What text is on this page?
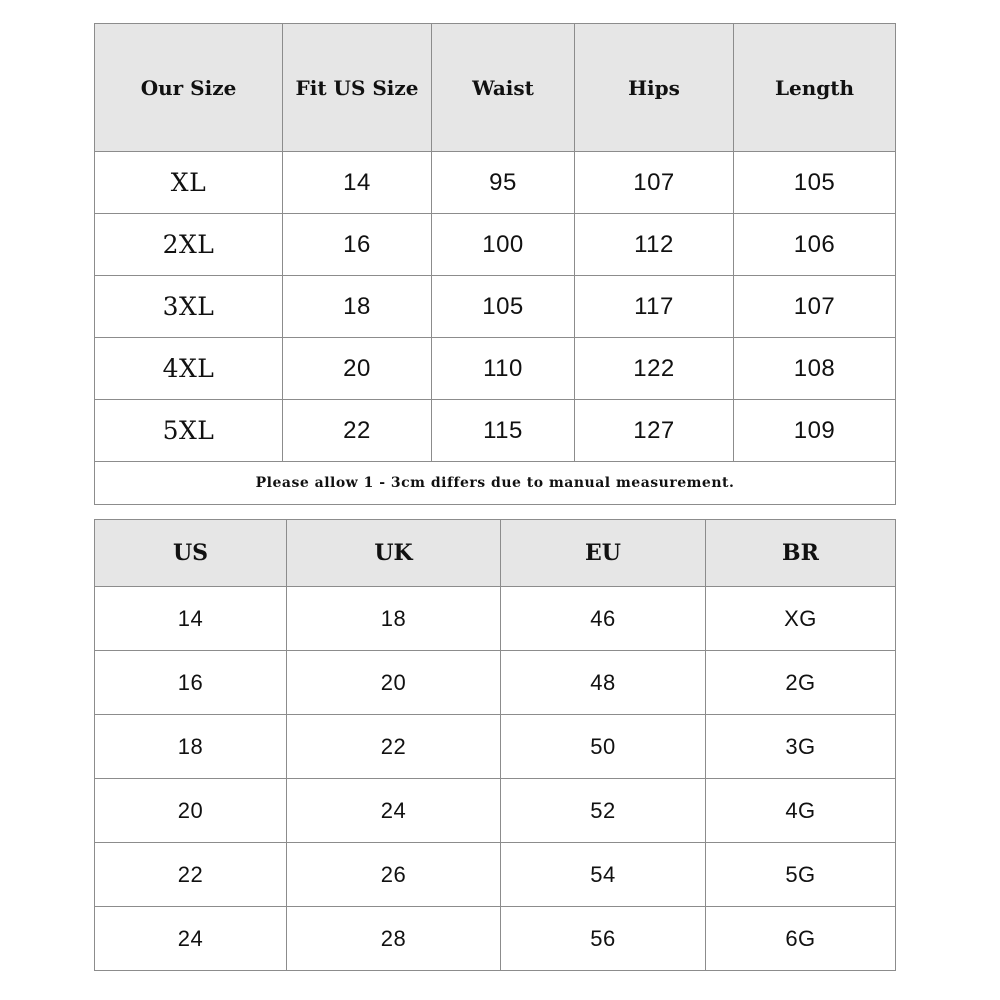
Our Size	Fit US Size	Waist	Hips	Length
XL	14	95	107	105
2XL	16	100	112	106
3XL	18	105	117	107
4XL	20	110	122	108
5XL	22	115	127	109
Please allow 1 - 3cm differs due to manual measurement.				
US	UK	EU	BR
14	18	46	XG
16	20	48	2G
18	22	50	3G
20	24	52	4G
22	26	54	5G
24	28	56	6G
